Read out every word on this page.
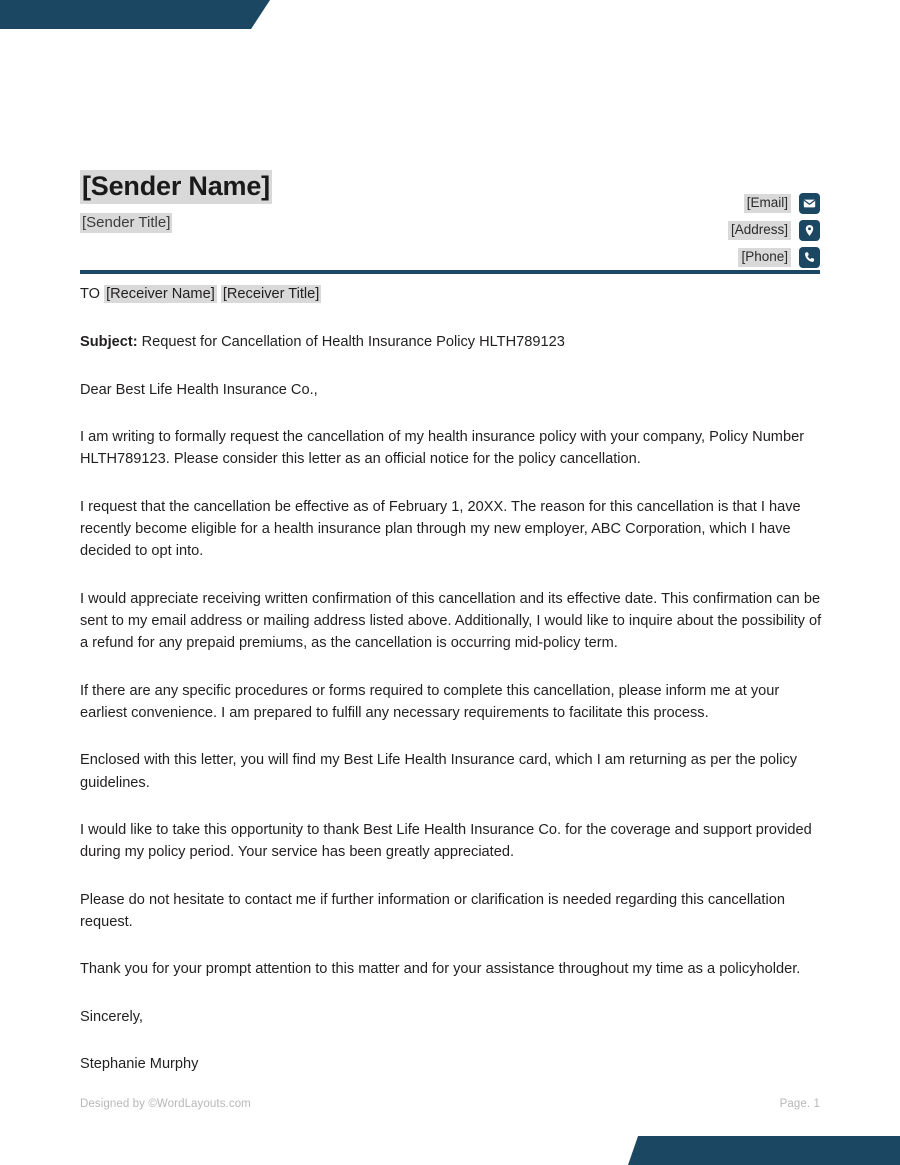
[Sender Name]
[Sender Title]
[Email]
[Address]
[Phone]
TO [Receiver Name] [Receiver Title]
Subject: Request for Cancellation of Health Insurance Policy HLTH789123

Dear Best Life Health Insurance Co.,

I am writing to formally request the cancellation of my health insurance policy with your company, Policy Number HLTH789123. Please consider this letter as an official notice for the policy cancellation.

I request that the cancellation be effective as of February 1, 20XX. The reason for this cancellation is that I have recently become eligible for a health insurance plan through my new employer, ABC Corporation, which I have decided to opt into.

I would appreciate receiving written confirmation of this cancellation and its effective date. This confirmation can be sent to my email address or mailing address listed above. Additionally, I would like to inquire about the possibility of a refund for any prepaid premiums, as the cancellation is occurring mid-policy term.

If there are any specific procedures or forms required to complete this cancellation, please inform me at your earliest convenience. I am prepared to fulfill any necessary requirements to facilitate this process.

Enclosed with this letter, you will find my Best Life Health Insurance card, which I am returning as per the policy guidelines.

I would like to take this opportunity to thank Best Life Health Insurance Co. for the coverage and support provided during my policy period. Your service has been greatly appreciated.

Please do not hesitate to contact me if further information or clarification is needed regarding this cancellation request.

Thank you for your prompt attention to this matter and for your assistance throughout my time as a policyholder.

Sincerely,

Stephanie Murphy

Designed by ©WordLayouts.com	Page. 1
